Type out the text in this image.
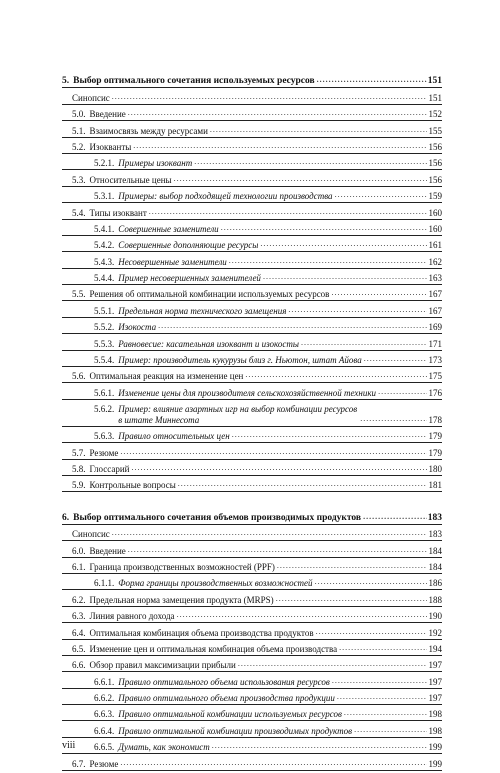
5. Выбор оптимального сочетания используемых ресурсов .....	151
Синопсис .....	151
5.0. Введение .....	152
5.1. Взаимосвязь между ресурсами .....	155
5.2. Изокванты .....	156
5.2.1. Примеры изоквант .....	156
5.3. Относительные цены .....	156
5.3.1. Примеры: выбор подходящей технологии производства .....	159
5.4. Типы изоквант .....	160
5.4.1. Совершенные заменители .....	160
5.4.2. Совершенные дополняющие ресурсы .....	161
5.4.3. Несовершенные заменители .....	162
5.4.4. Пример несовершенных заменителей .....	163
5.5. Решения об оптимальной комбинации используемых ресурсов .....	167
5.5.1. Предельная норма технического замещения .....	167
5.5.2. Изокоста .....	169
5.5.3. Равновесие: касательная изоквант и изокосты .....	171
5.5.4. Пример: производитель кукурузы близ г. Ньютон, штат Айова .....	173
5.6. Оптимальная реакция на изменение цен .....	175
5.6.1. Изменение цены для производителя сельскохозяйственной техники .....	176
5.6.2. Пример: влияние азартных игр на выбор комбинации ресурсов в штате Миннесота .....	178
5.6.3. Правило относительных цен .....	179
5.7. Резюме .....	179
5.8. Глоссарий .....	180
5.9. Контрольные вопросы .....	181
6. Выбор оптимального сочетания объемов производимых продуктов .....	183
Синопсис .....	183
6.0. Введение .....	184
6.1. Граница производственных возможностей (PPF) .....	184
6.1.1. Форма границы производственных возможностей .....	186
6.2. Предельная норма замещения продукта (MRPS) .....	188
6.3. Линия равного дохода .....	190
6.4. Оптимальная комбинация объема производства продуктов .....	192
6.5. Изменение цен и оптимальная комбинация объема производства .....	194
6.6. Обзор правил максимизации прибыли .....	197
6.6.1. Правило оптимального объема использования ресурсов .....	197
6.6.2. Правило оптимального объема производства продукции .....	197
6.6.3. Правило оптимальной комбинации используемых ресурсов .....	198
6.6.4. Правило оптимальной комбинации производимых продуктов .....	198
6.6.5. Думать, как экономист .....	199
6.7. Резюме .....	199
viii
